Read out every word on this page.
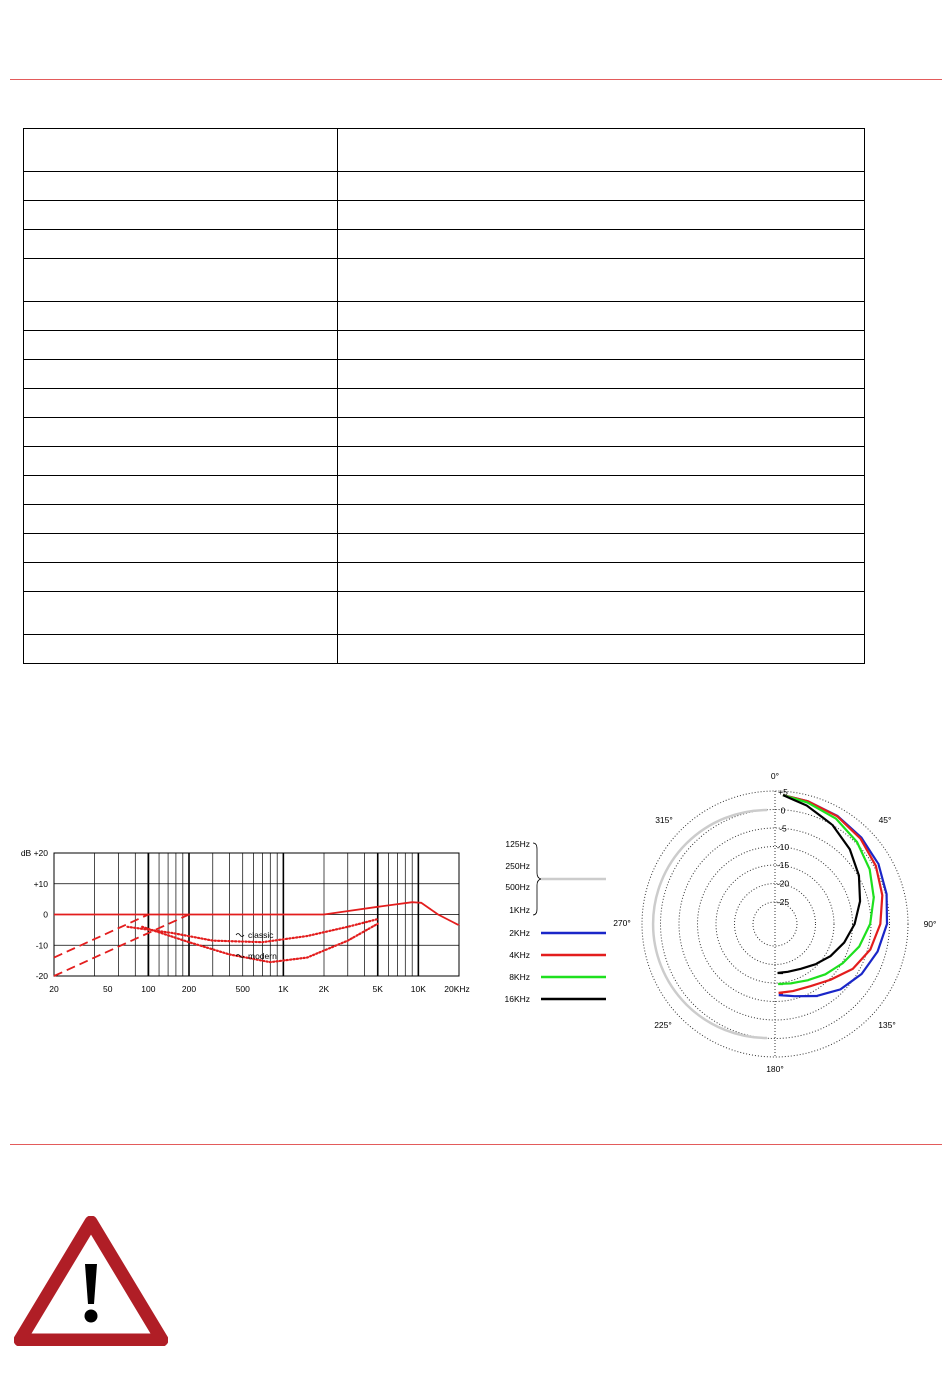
dB +20
+10
0
-10
-20
20	50	100	200	500	1K	2K	5K	10K 20KHz
classic
modern
+5
0
-5
-10
-15
-20
-25
0°
45°
90°
135°
180°
225°
270°
315°
125Hz
250Hz
500Hz
1KHz
2KHz
4KHz
8KHz
16KHz
